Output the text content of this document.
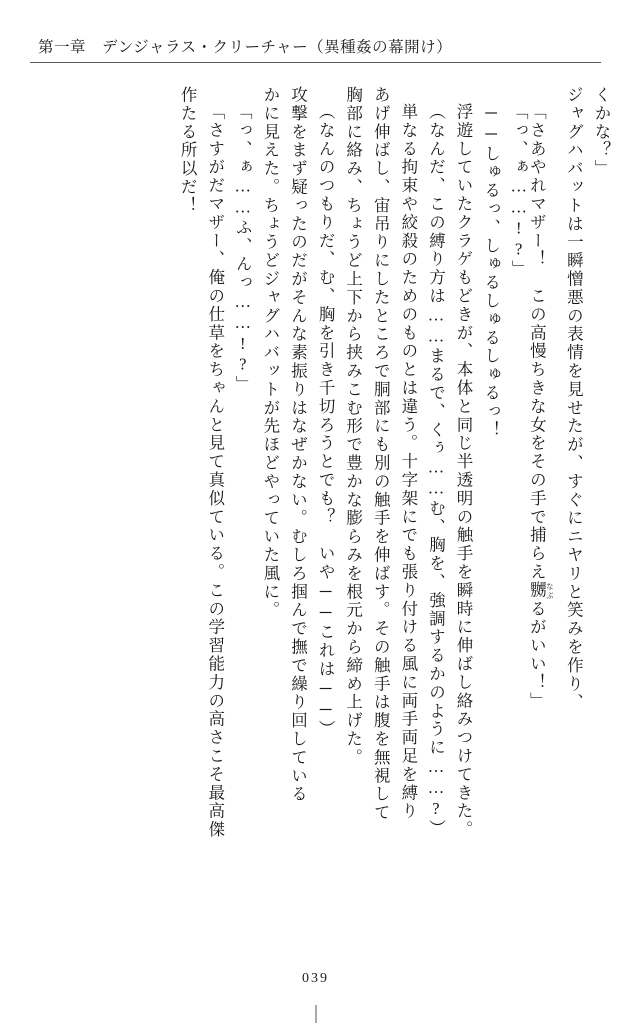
第一章　デンジャラス・クリーチャー（異種姦の幕開け）
くかな？」
ジャグハバットは一瞬憎悪の表情を見せたが、すぐにニヤリと笑みを作り、
「さあやれマザー！　この高慢ちきな女をその手で捕らえ嬲 なぶるがいい！」
「っ、ぁ……!?」
──しゅるっ、しゅるしゅるしゅるっ！
浮遊していたクラゲもどきが、本体と同じ半透明の触手を瞬時に伸ばし絡みつけてきた。
（なんだ、この縛り方は……まるで、くぅ……む、胸を、強調するかのように……?）
単なる拘束や絞殺のためのものとは違う。十字架にでも張り付ける風に両手両足を縛り
あげ伸ばし、宙吊りにしたところで胴部にも別の触手を伸ばす。その触手は腹を無視して
胸部に絡み、ちょうど上下から挟みこむ形で豊かな膨らみを根元から締め上げた。
（なんのつもりだ、む、胸を引き千切ろうとでも？　いや──これは──）
攻撃をまず疑ったのだがそんな素振りはなぜかない。むしろ掴んで撫で繰り回している
かに見えた。ちょうどジャグハバットが先ほどやっていた風に。
「っ、ぁ……ふ、んっ……!?」
「さすがだマザー、俺の仕草をちゃんと見て真似ている。この学習能力の高さこそ最高傑
作たる所以だ！
039
